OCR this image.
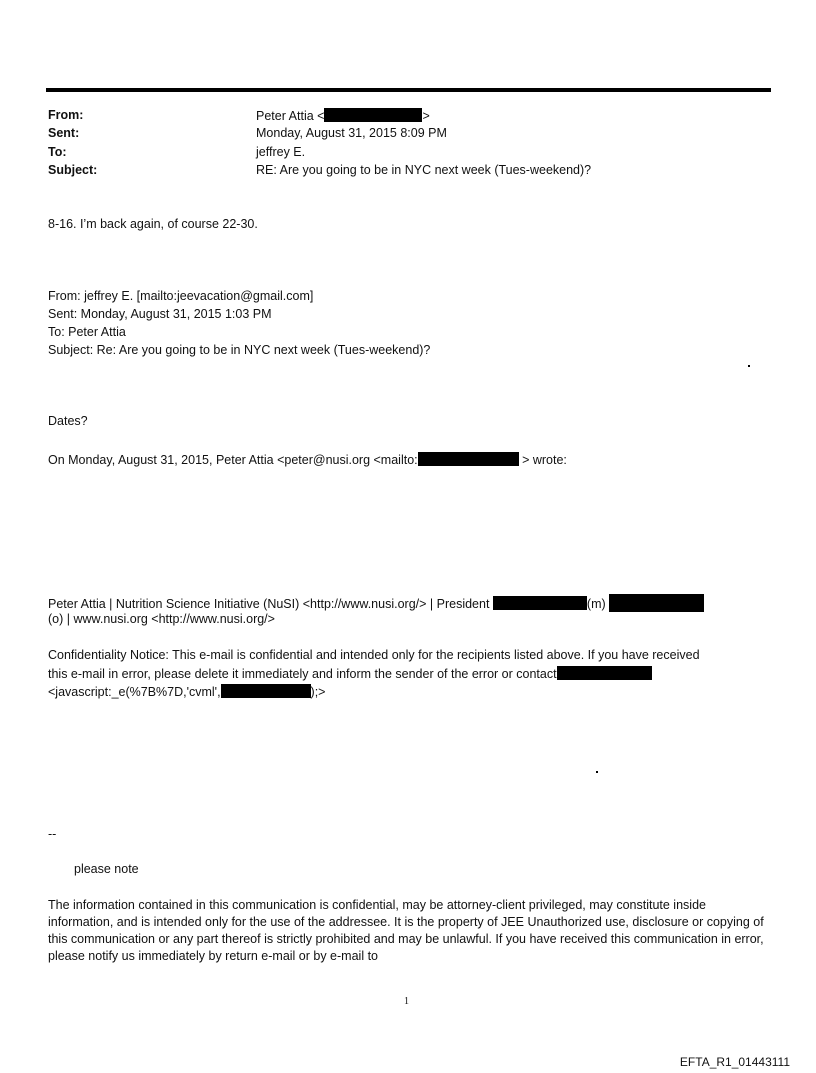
From:	Peter Attia <	>
Sent:	Monday, August 31, 2015 8:09 PM
To:	jeffrey E.
Subject:	RE: Are you going to be in NYC next week (Tues-weekend)?
8-16. I’m back again, of course 22-30.
From: jeffrey E. [mailto:jeevacation@gmail.com]
Sent: Monday, August 31, 2015 1:03 PM
To: Peter Attia
Subject: Re: Are you going to be in NYC next week (Tues-weekend)?
Dates?
On Monday, August 31, 2015, Peter Attia <peter@nusi.org <mailto:	> wrote:
Peter Attia | Nutrition Science Initiative (NuSI) <http://www.nusi.org/> | President	(m)
(o) | www.nusi.org <http://www.nusi.org/>
Confidentiality Notice: This e-mail is confidential and intended only for the recipients listed above. If you have received
this e-mail in error, please delete it immediately and inform the sender of the error or contact
<javascript:_e(%7B%7D,'cvml',	);>
--
please note
The information contained in this communication is confidential, may be attorney-client privileged, may constitute inside information, and is intended only for the use of the addressee. It is the property of JEE Unauthorized use, disclosure or copying of this communication or any part thereof is strictly prohibited and may be unlawful. If you have received this communication in error, please notify us immediately by return e-mail or by e-mail to
1
EFTA_R1_01443111
